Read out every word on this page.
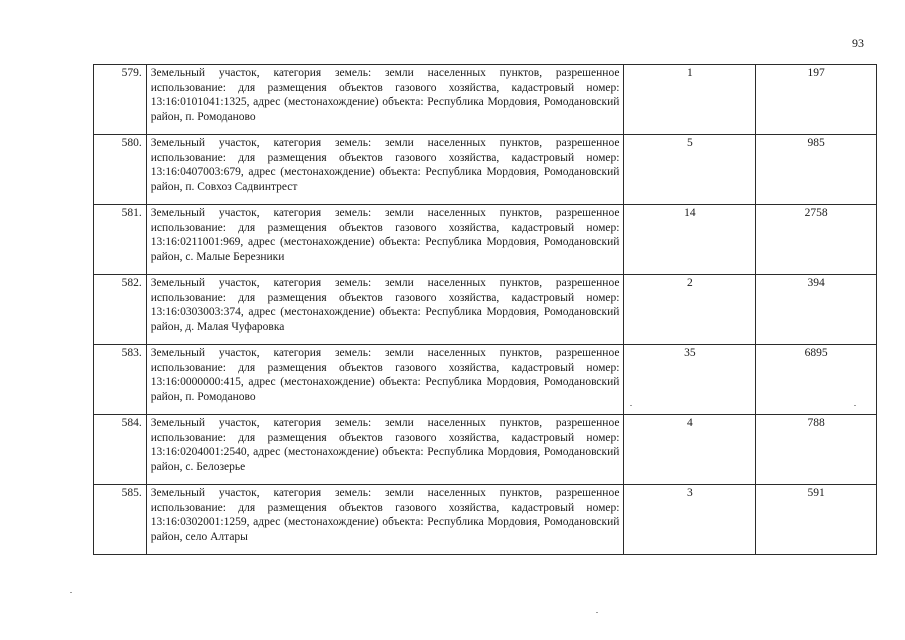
93
579.	Земельный участок, категория земель: земли населенных пунктов, разрешенное использование: для размещения объектов газового хозяйства, кадастровый номер: 13:16:0101041:1325, адрес (местонахождение) объекта: Республика Мордовия, Ромодановский район, п. Ромоданово	1	197
580.	Земельный участок, категория земель: земли населенных пунктов, разрешенное использование: для размещения объектов газового хозяйства, кадастровый номер: 13:16:0407003:679, адрес (местонахождение) объекта: Республика Мордовия, Ромодановский район, п. Совхоз Садвинтрест	5	985
581.	Земельный участок, категория земель: земли населенных пунктов, разрешенное использование: для размещения объектов газового хозяйства, кадастровый номер: 13:16:0211001:969, адрес (местонахождение) объекта: Республика Мордовия, Ромодановский район, с. Малые Березники	14	2758
582.	Земельный участок, категория земель: земли населенных пунктов, разрешенное использование: для размещения объектов газового хозяйства, кадастровый номер: 13:16:0303003:374, адрес (местонахождение) объекта: Республика Мордовия, Ромодановский район, д. Малая Чуфаровка	2	394
583.	Земельный участок, категория земель: земли населенных пунктов, разрешенное использование: для размещения объектов газового хозяйства, кадастровый номер: 13:16:0000000:415, адрес (местонахождение) объекта: Республика Мордовия, Ромодановский район, п. Ромоданово	35	6895
584.	Земельный участок, категория земель: земли населенных пунктов, разрешенное использование: для размещения объектов газового хозяйства, кадастровый номер: 13:16:0204001:2540, адрес (местонахождение) объекта: Республика Мордовия, Ромодановский район, с. Белозерье	4	788
585.	Земельный участок, категория земель: земли населенных пунктов, разрешенное использование: для размещения объектов газового хозяйства, кадастровый номер: 13:16:0302001:1259, адрес (местонахождение) объекта: Республика Мордовия, Ромодановский район, село Алтары	3	591
